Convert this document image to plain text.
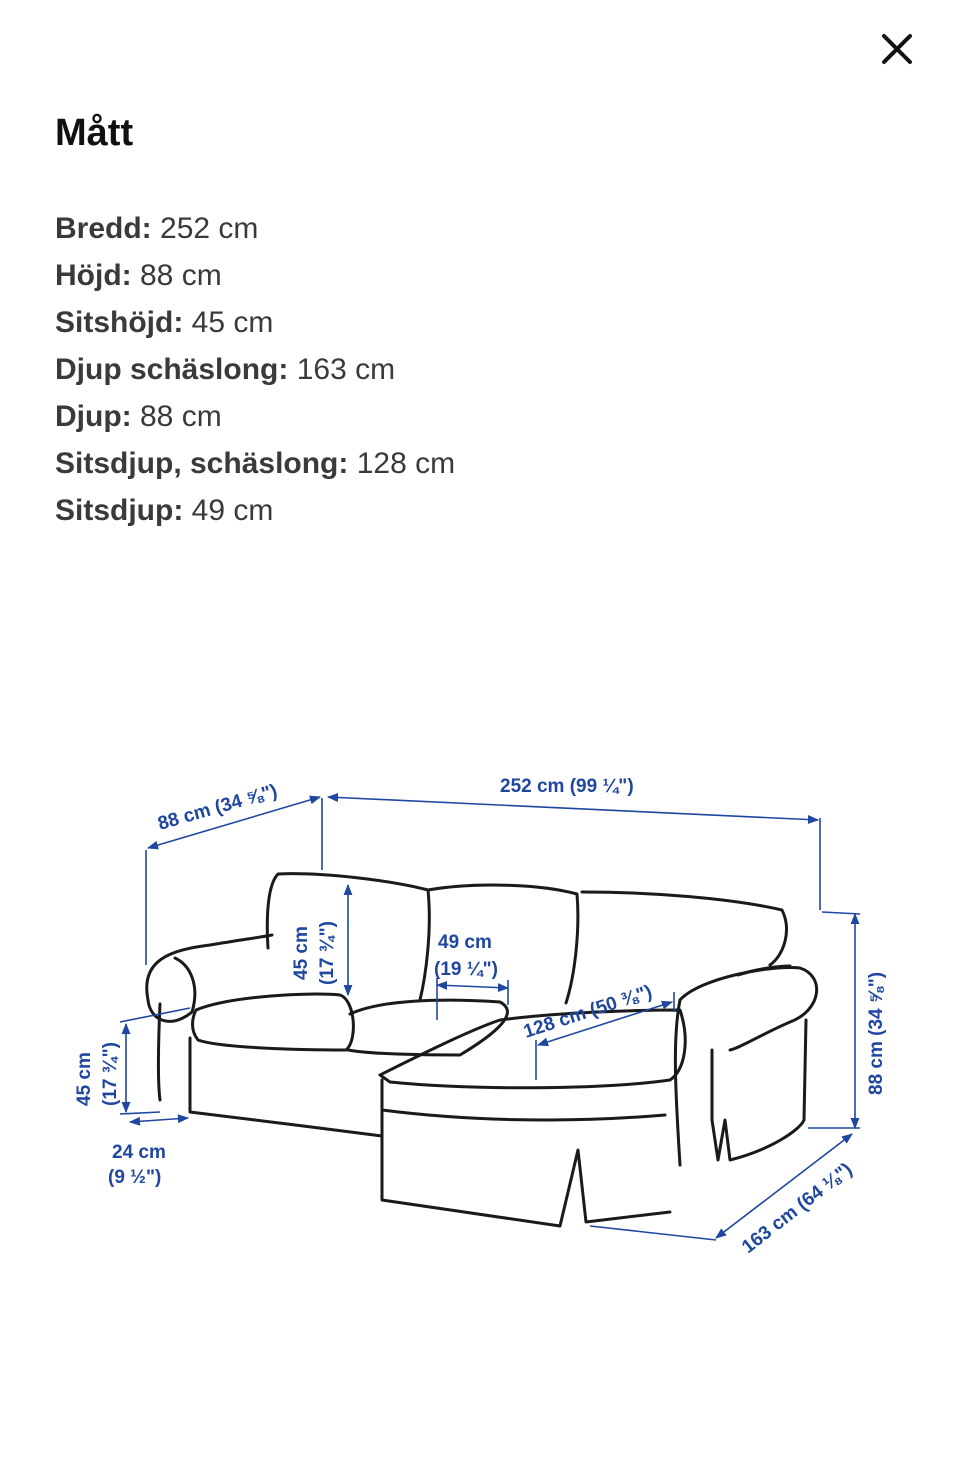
Mått
Bredd: 252 cm
Höjd: 88 cm
Sitshöjd: 45 cm
Djup schäslong: 163 cm
Djup: 88 cm
Sitsdjup, schäslong: 128 cm
Sitsdjup: 49 cm
88 cm (34 ⅝")	252 cm (99 ¼")
45 cm (17 ¾")	49 cm
(19 ¼")
128 cm (50 ⅜")	88 cm (34 ⅝")
45 cm (17 ¾")
24 cm
(9 ½")	163 cm (64 ⅛")
